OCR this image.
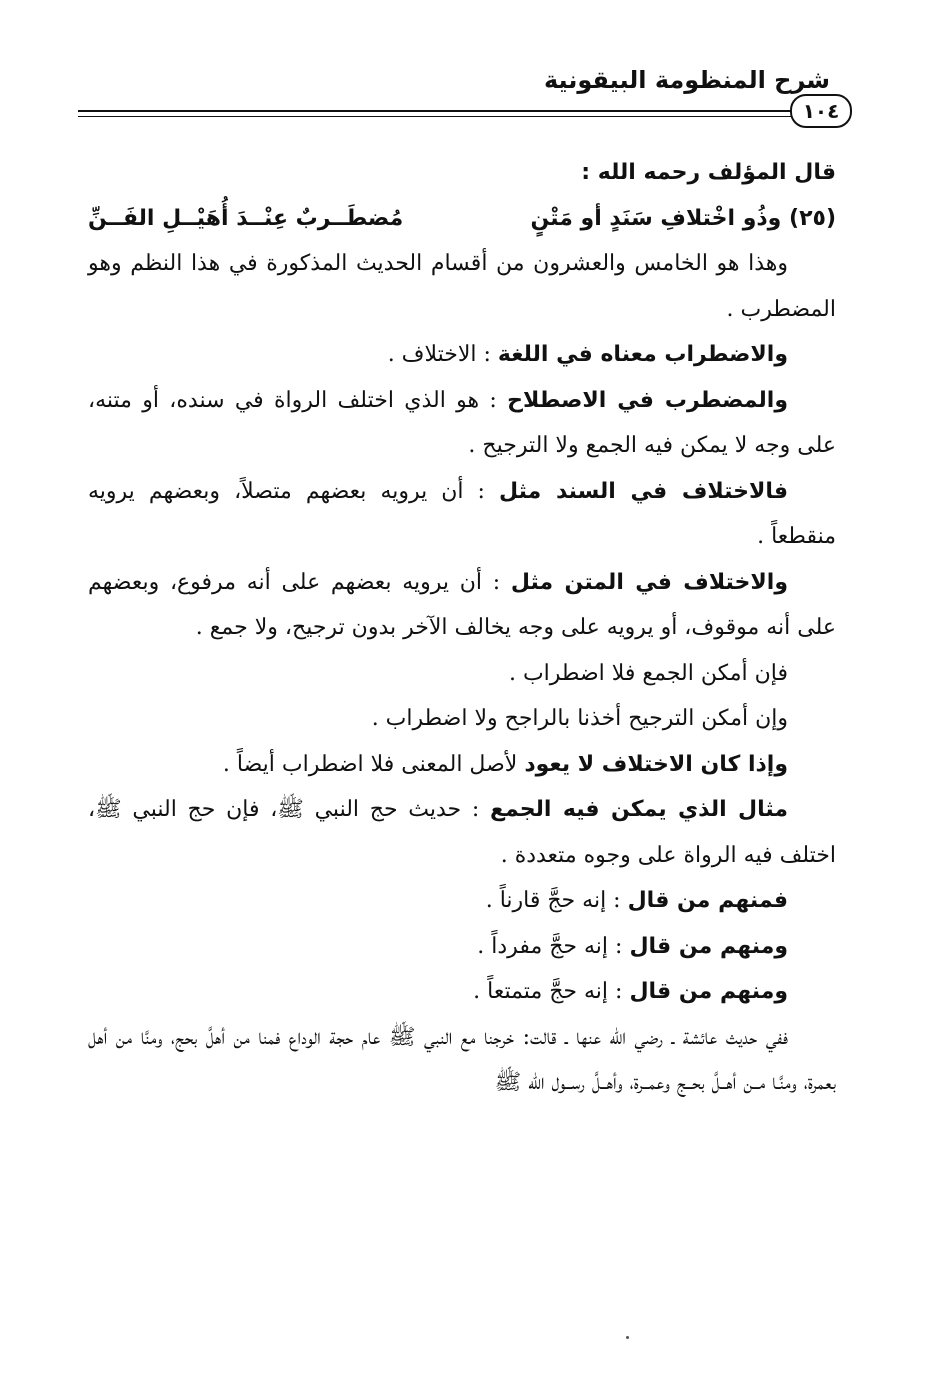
شرح المنظومة البيقونية
١٠٤

قال المؤلف رحمه الله :

(٢٥) وذُو اخْتلافِ سَنَدٍ أو مَتْنٍ
مُضطَــربٌ عِنْــدَ أُهَيْــلِ الفَــنِّ

وهذا هو الخامس والعشرون من أقسام الحديث المذكورة في هذا النظم وهو المضطرب .

والاضطراب معناه في اللغة : الاختلاف .

والمضطرب في الاصطلاح : هو الذي اختلف الرواة في سنده، أو متنه، على وجه لا يمكن فيه الجمع ولا الترجيح .

فالاختلاف في السند مثل : أن يرويه بعضهم متصلاً، وبعضهم يرويه منقطعاً .

والاختلاف في المتن مثل : أن يرويه بعضهم على أنه مرفوع، وبعضهم على أنه موقوف، أو يرويه على وجه يخالف الآخر بدون ترجيح، ولا جمع .

فإن أمكن الجمع فلا اضطراب .

وإن أمكن الترجيح أخذنا بالراجح ولا اضطراب .

وإذا كان الاختلاف لا يعود لأصل المعنى فلا اضطراب أيضاً .

مثال الذي يمكن فيه الجمع : حديث حج النبي ﷺ، فإن حج النبي ﷺ، اختلف فيه الرواة على وجوه متعددة .

فمنهم من قال : إنه حجَّ قارناً .

ومنهم من قال : إنه حجَّ مفرداً .

ومنهم من قال : إنه حجَّ متمتعاً .

ففي حديث عائشة ـ رضي الله عنها ـ قالت: خرجنا مع النبي ﷺ عام حجة الوداع فمنا من أهلَّ بحج، ومنَّا من أهل بعمرة، ومنَّـا مــن أهــلَّ بحــج وعمــرة، وأهــلَّ رســول الله ﷺ
